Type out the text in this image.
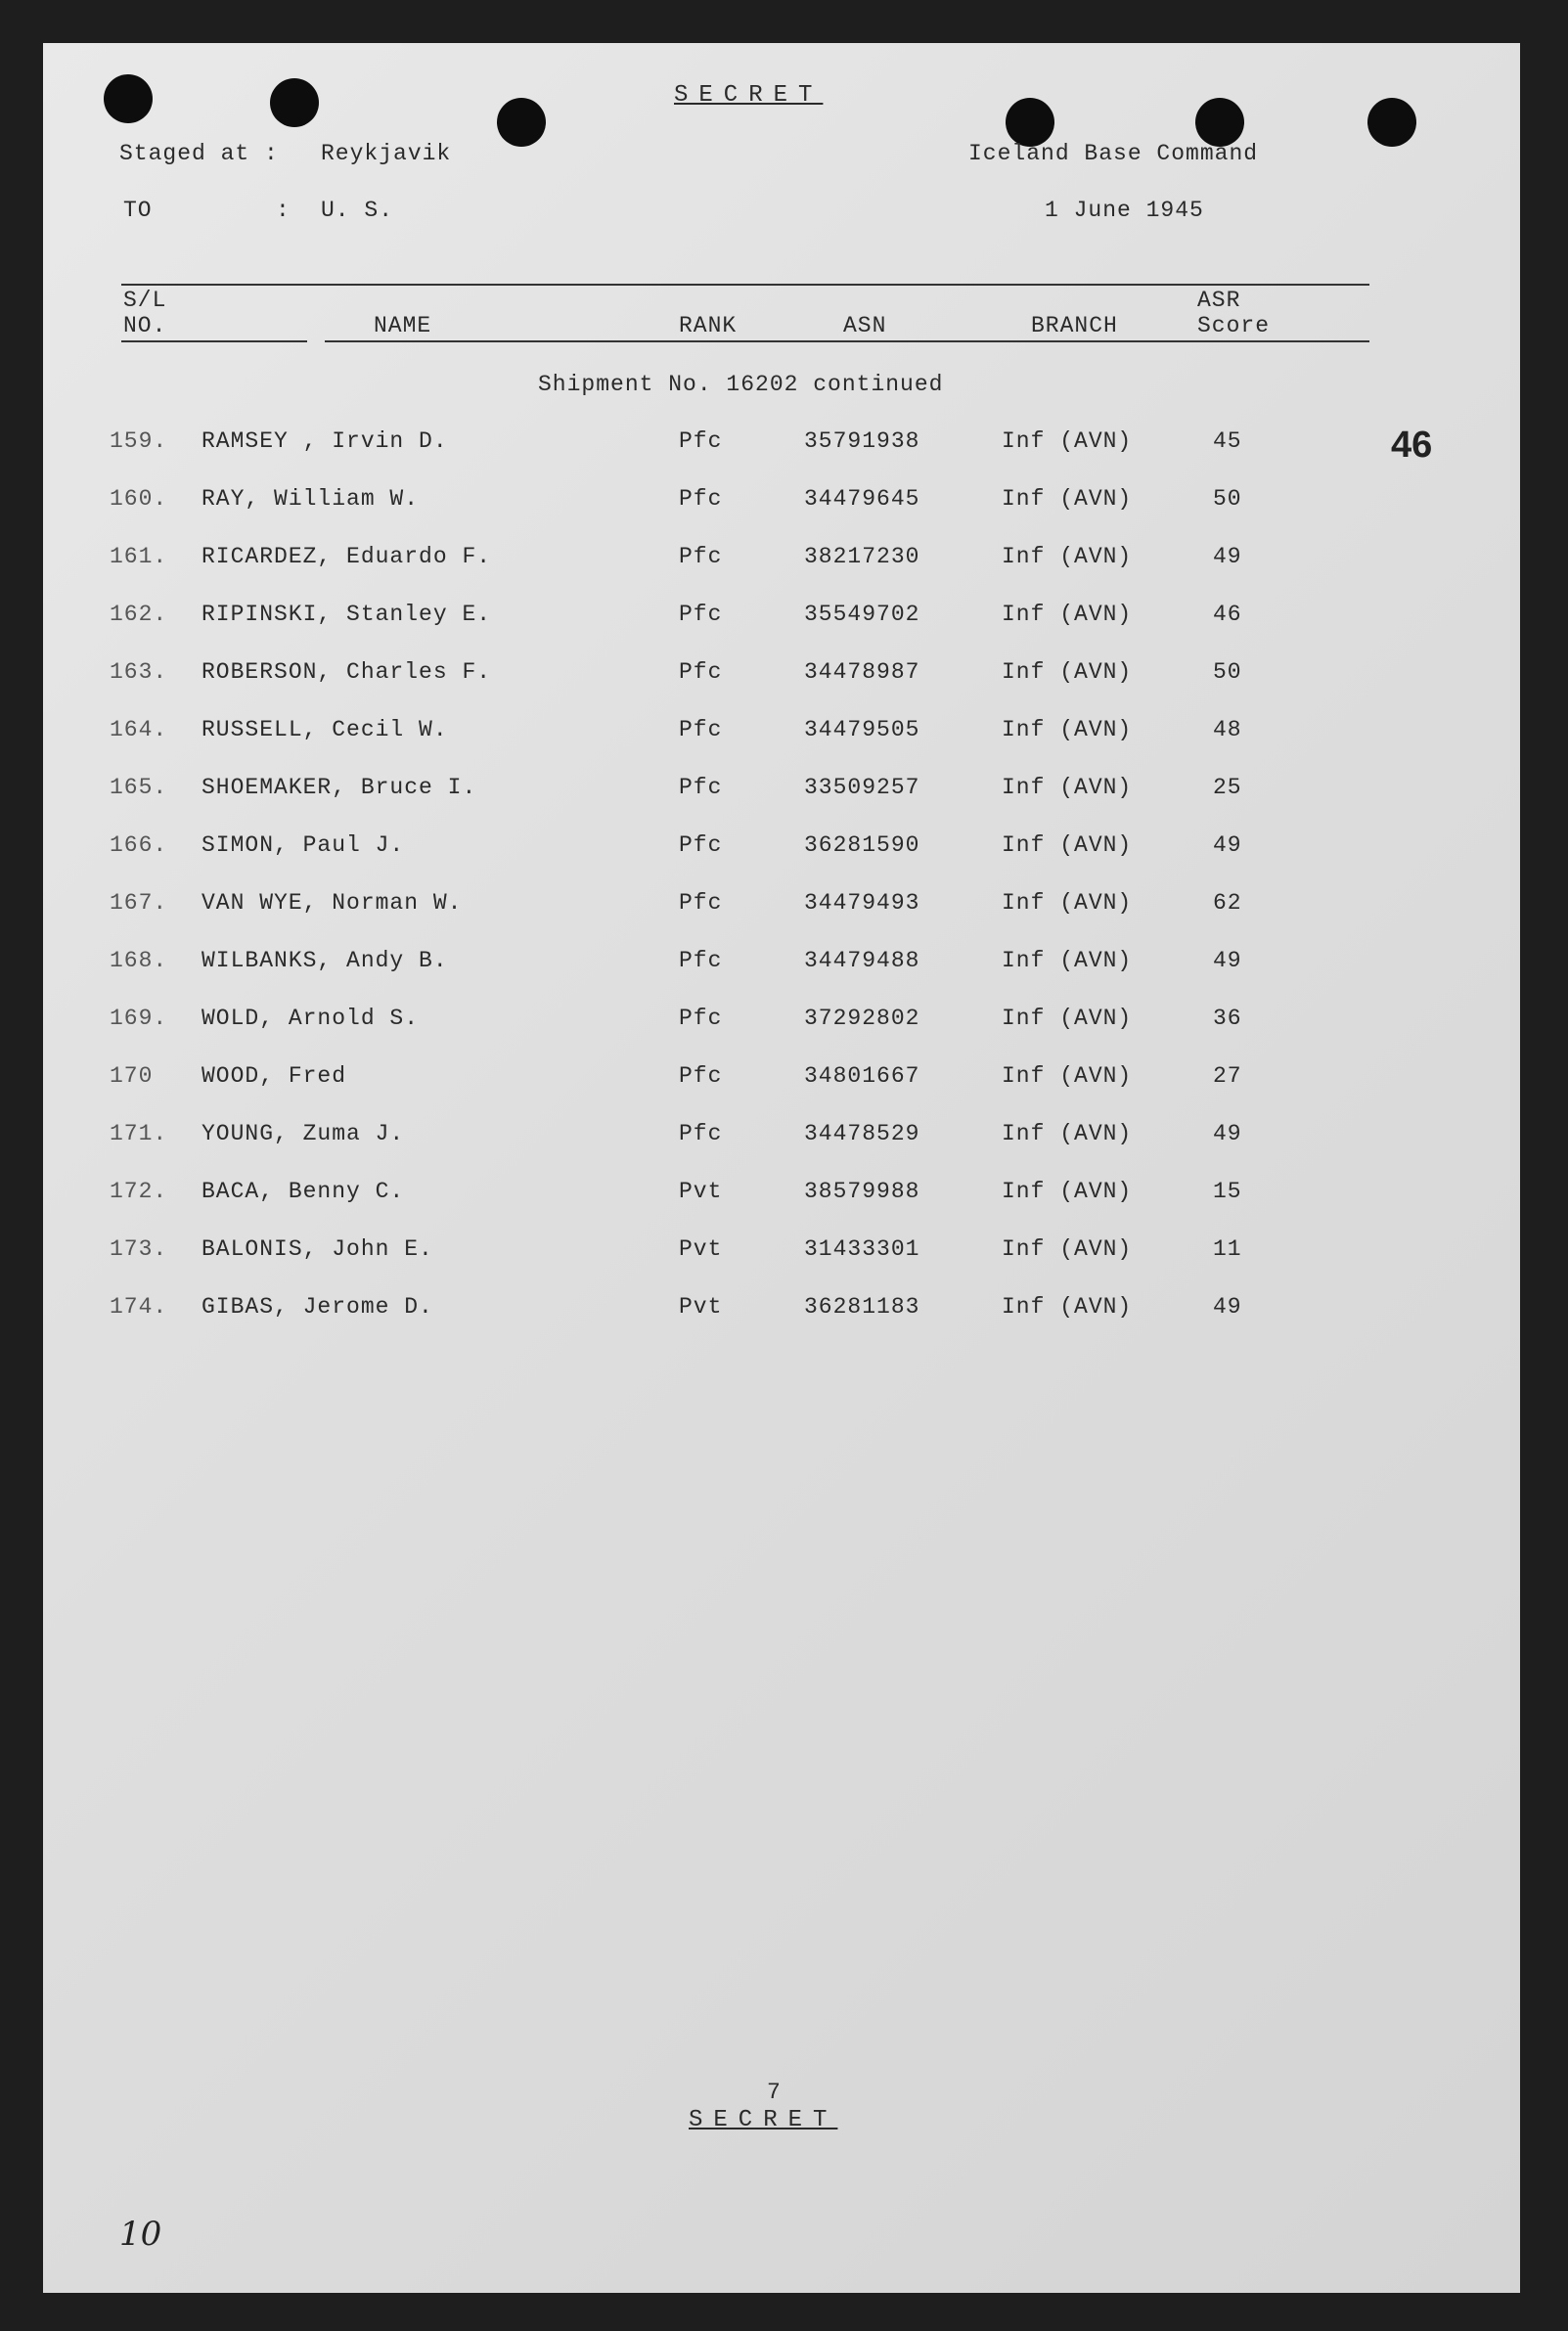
SECRET
Staged at : Reykjavik	Iceland Base Command
TO	: U. S.	1 June 1945
S/L
NO.	NAME	RANK	ASN	BRANCH
ASR
Score
Shipment No. 16202 continued
46
159. RAMSEY , Irvin D.	Pfc	35791938	Inf (AVN)	45
160. RAY, William W.	Pfc	34479645	Inf (AVN)	50
161. RICARDEZ, Eduardo F.	Pfc	38217230	Inf (AVN)	49
162. RIPINSKI, Stanley E.	Pfc	35549702	Inf (AVN)	46
163. ROBERSON, Charles F.	Pfc	34478987	Inf (AVN)	50
164. RUSSELL, Cecil W.	Pfc	34479505	Inf (AVN)	48
165. SHOEMAKER, Bruce I.	Pfc	33509257	Inf (AVN)	25
166. SIMON, Paul J.	Pfc	36281590	Inf (AVN)	49
167. VAN WYE, Norman W.	Pfc	34479493	Inf (AVN)	62
168. WILBANKS, Andy B.	Pfc	34479488	Inf (AVN)	49
169. WOLD, Arnold S.	Pfc	37292802	Inf (AVN)	36
170 WOOD, Fred	Pfc	34801667	Inf (AVN)	27
171. YOUNG, Zuma J.	Pfc	34478529	Inf (AVN)	49
172. BACA, Benny C.	Pvt	38579988	Inf (AVN)	15
173. BALONIS, John E.	Pvt	31433301	Inf (AVN)	11
174. GIBAS, Jerome D.	Pvt	36281183	Inf (AVN)	49
7
SECRET
10
